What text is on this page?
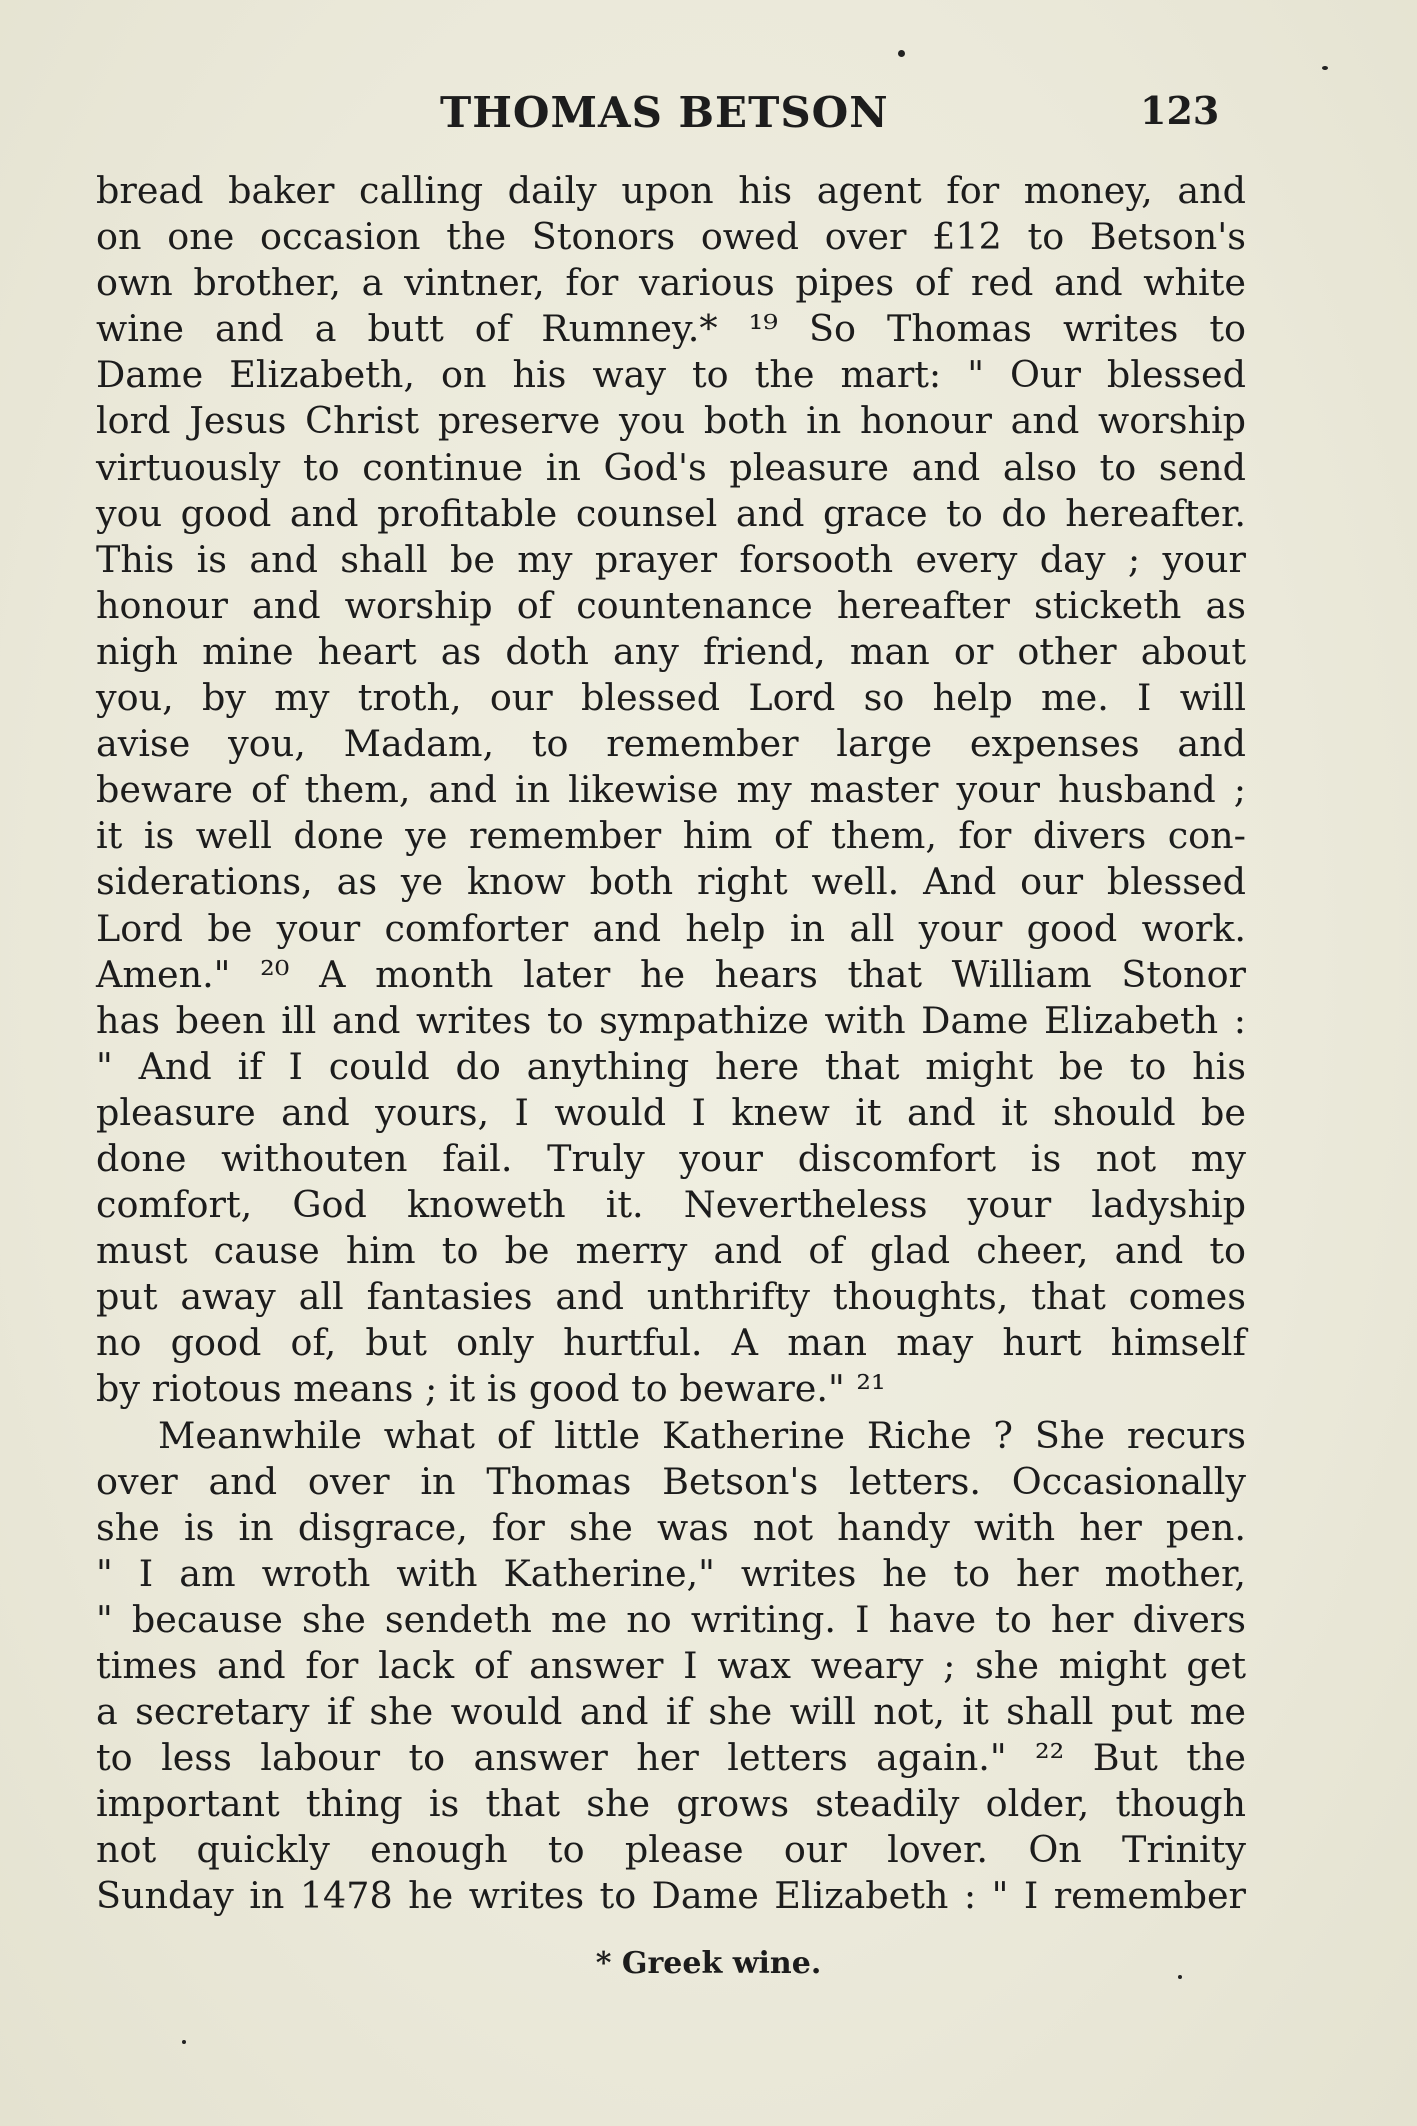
THOMAS BETSON	123
bread baker calling daily upon his agent for money, and
on one occasion the Stonors owed over £12 to Betson's
own brother, a vintner, for various pipes of red and white
wine and a butt of Rumney.* ¹⁹ So Thomas writes to
Dame Elizabeth, on his way to the mart: " Our blessed
lord Jesus Christ preserve you both in honour and worship
virtuously to continue in God's pleasure and also to send
you good and profitable counsel and grace to do hereafter.
This is and shall be my prayer forsooth every day ; your
honour and worship of countenance hereafter sticketh as
nigh mine heart as doth any friend, man or other about
you, by my troth, our blessed Lord so help me. I will
avise you, Madam, to remember large expenses and
beware of them, and in likewise my master your husband ;
it is well done ye remember him of them, for divers con-
siderations, as ye know both right well. And our blessed
Lord be your comforter and help in all your good work.
Amen." ²⁰ A month later he hears that William Stonor
has been ill and writes to sympathize with Dame Elizabeth :
" And if I could do anything here that might be to his
pleasure and yours, I would I knew it and it should be
done withouten fail. Truly your discomfort is not my
comfort, God knoweth it. Nevertheless your ladyship
must cause him to be merry and of glad cheer, and to
put away all fantasies and unthrifty thoughts, that comes
no good of, but only hurtful. A man may hurt himself
by riotous means ; it is good to beware." ²¹
Meanwhile what of little Katherine Riche ? She recurs
over and over in Thomas Betson's letters. Occasionally
she is in disgrace, for she was not handy with her pen.
" I am wroth with Katherine," writes he to her mother,
" because she sendeth me no writing. I have to her divers
times and for lack of answer I wax weary ; she might get
a secretary if she would and if she will not, it shall put me
to less labour to answer her letters again." ²² But the
important thing is that she grows steadily older, though
not quickly enough to please our lover. On Trinity
Sunday in 1478 he writes to Dame Elizabeth : " I remember
* Greek wine.
